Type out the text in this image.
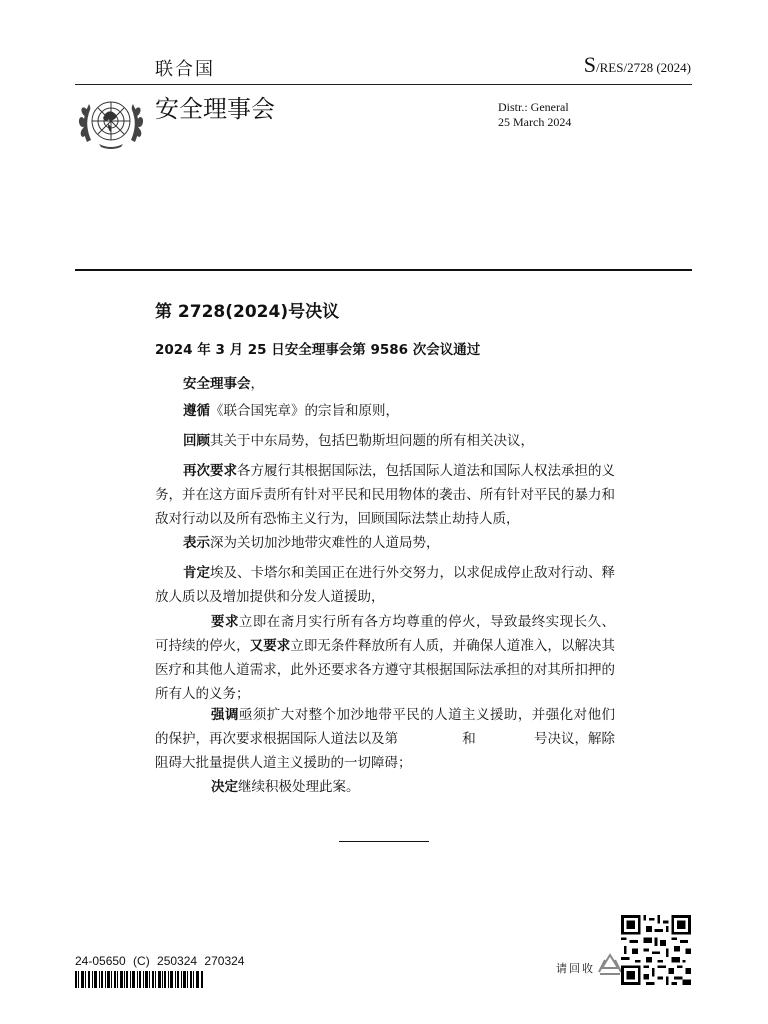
联合国	S/RES/2728 (2024)
安全理事会	Distr.: General
25 March 2024
第 2728(2024)号决议
2024 年 3 月 25 日安全理事会第 9586 次会议通过
安全理事会，
遵循《联合国宪章》的宗旨和原则，
回顾其关于中东局势，包括巴勒斯坦问题的所有相关决议，
再次要求各方履行其根据国际法，包括国际人道法和国际人权法承担的义务，并在这方面斥责所有针对平民和民用物体的袭击、所有针对平民的暴力和敌对行动以及所有恐怖主义行为，回顾国际法禁止劫持人质，
表示深为关切加沙地带灾难性的人道局势，
肯定埃及、卡塔尔和美国正在进行外交努力，以求促成停止敌对行动、释放人质以及增加提供和分发人道援助，
要求立即在斋月实行所有各方均尊重的停火，导致最终实现长久、可持续的停火，又要求立即无条件释放所有人质，并确保人道准入，以解决其医疗和其他人道需求，此外还要求各方遵守其根据国际法承担的对其所扣押的所有人的义务；
强调亟须扩大对整个加沙地带平民的人道主义援助，并强化对他们的保护，再次要求根据国际人道法以及第	和	号决议，解除阻碍大批量提供人道主义援助的一切障碍；
决定继续积极处理此案。
24-05650 (C) 250324 270324
请回收
